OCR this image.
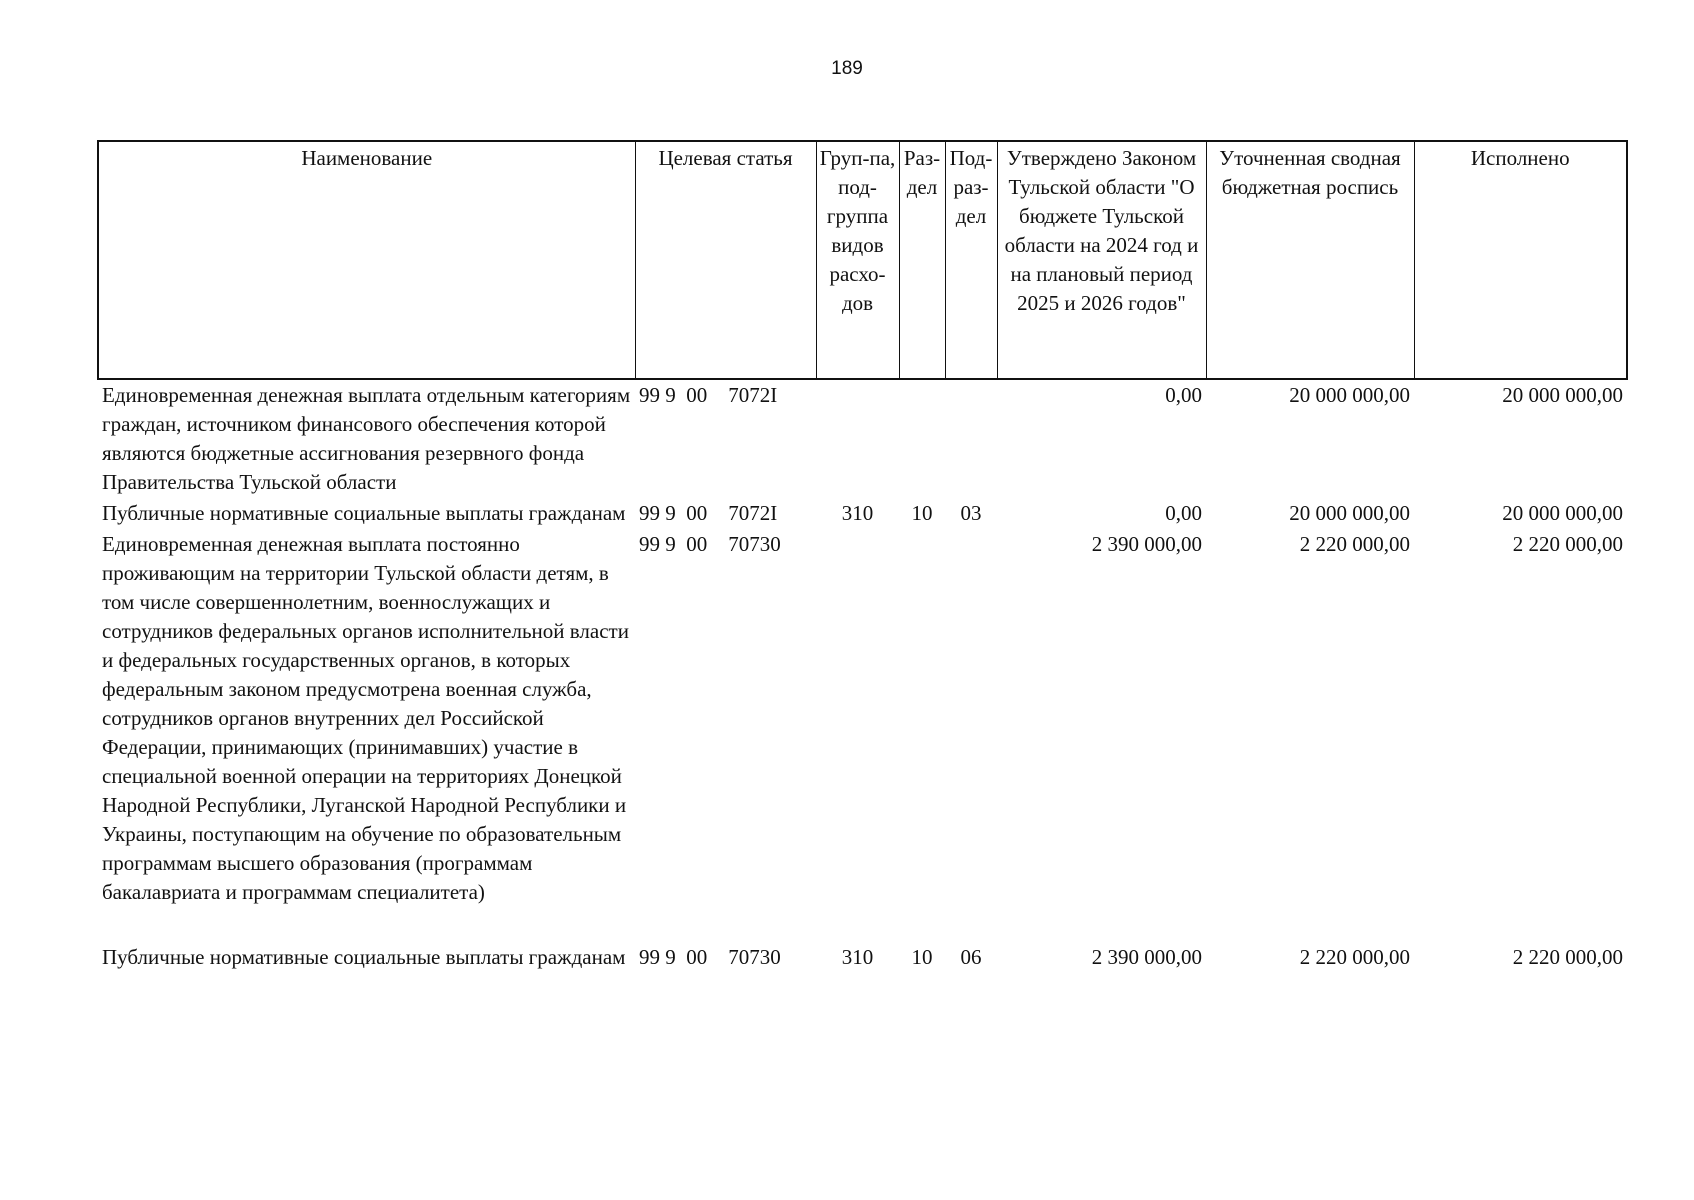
189
Наименование	Целевая статья	Груп-па, под-группа видов расхо-дов	Раз-дел	Под-раз-дел	Утверждено Законом Тульской области "О бюджете Тульской области на 2024 год и на плановый период 2025 и 2026 годов"	Уточненная сводная бюджетная роспись	Исполнено
Единовременная денежная выплата отдельным категориям граждан, источником финансового обеспечения которой являются бюджетные ассигнования резервного фонда Правительства Тульской области	99 9  00    7072I				0,00	20 000 000,00	20 000 000,00
Публичные нормативные социальные выплаты гражданам	99 9  00    7072I	310	10	03	0,00	20 000 000,00	20 000 000,00
Единовременная денежная выплата постоянно проживающим на территории Тульской области детям, в том числе совершеннолетним, военнослужащих и сотрудников федеральных органов исполнительной власти и федеральных государственных органов, в которых федеральным законом предусмотрена военная служба, сотрудников органов внутренних дел Российской Федерации, принимающих (принимавших) участие в специальной военной операции на территориях Донецкой Народной Республики, Луганской Народной Республики и Украины, поступающим на обучение по образовательным программам высшего образования (программам бакалавриата и программам специалитета)	99 9  00    70730				2 390 000,00	2 220 000,00	2 220 000,00
Публичные нормативные социальные выплаты гражданам	99 9  00    70730	310	10	06	2 390 000,00	2 220 000,00	2 220 000,00
